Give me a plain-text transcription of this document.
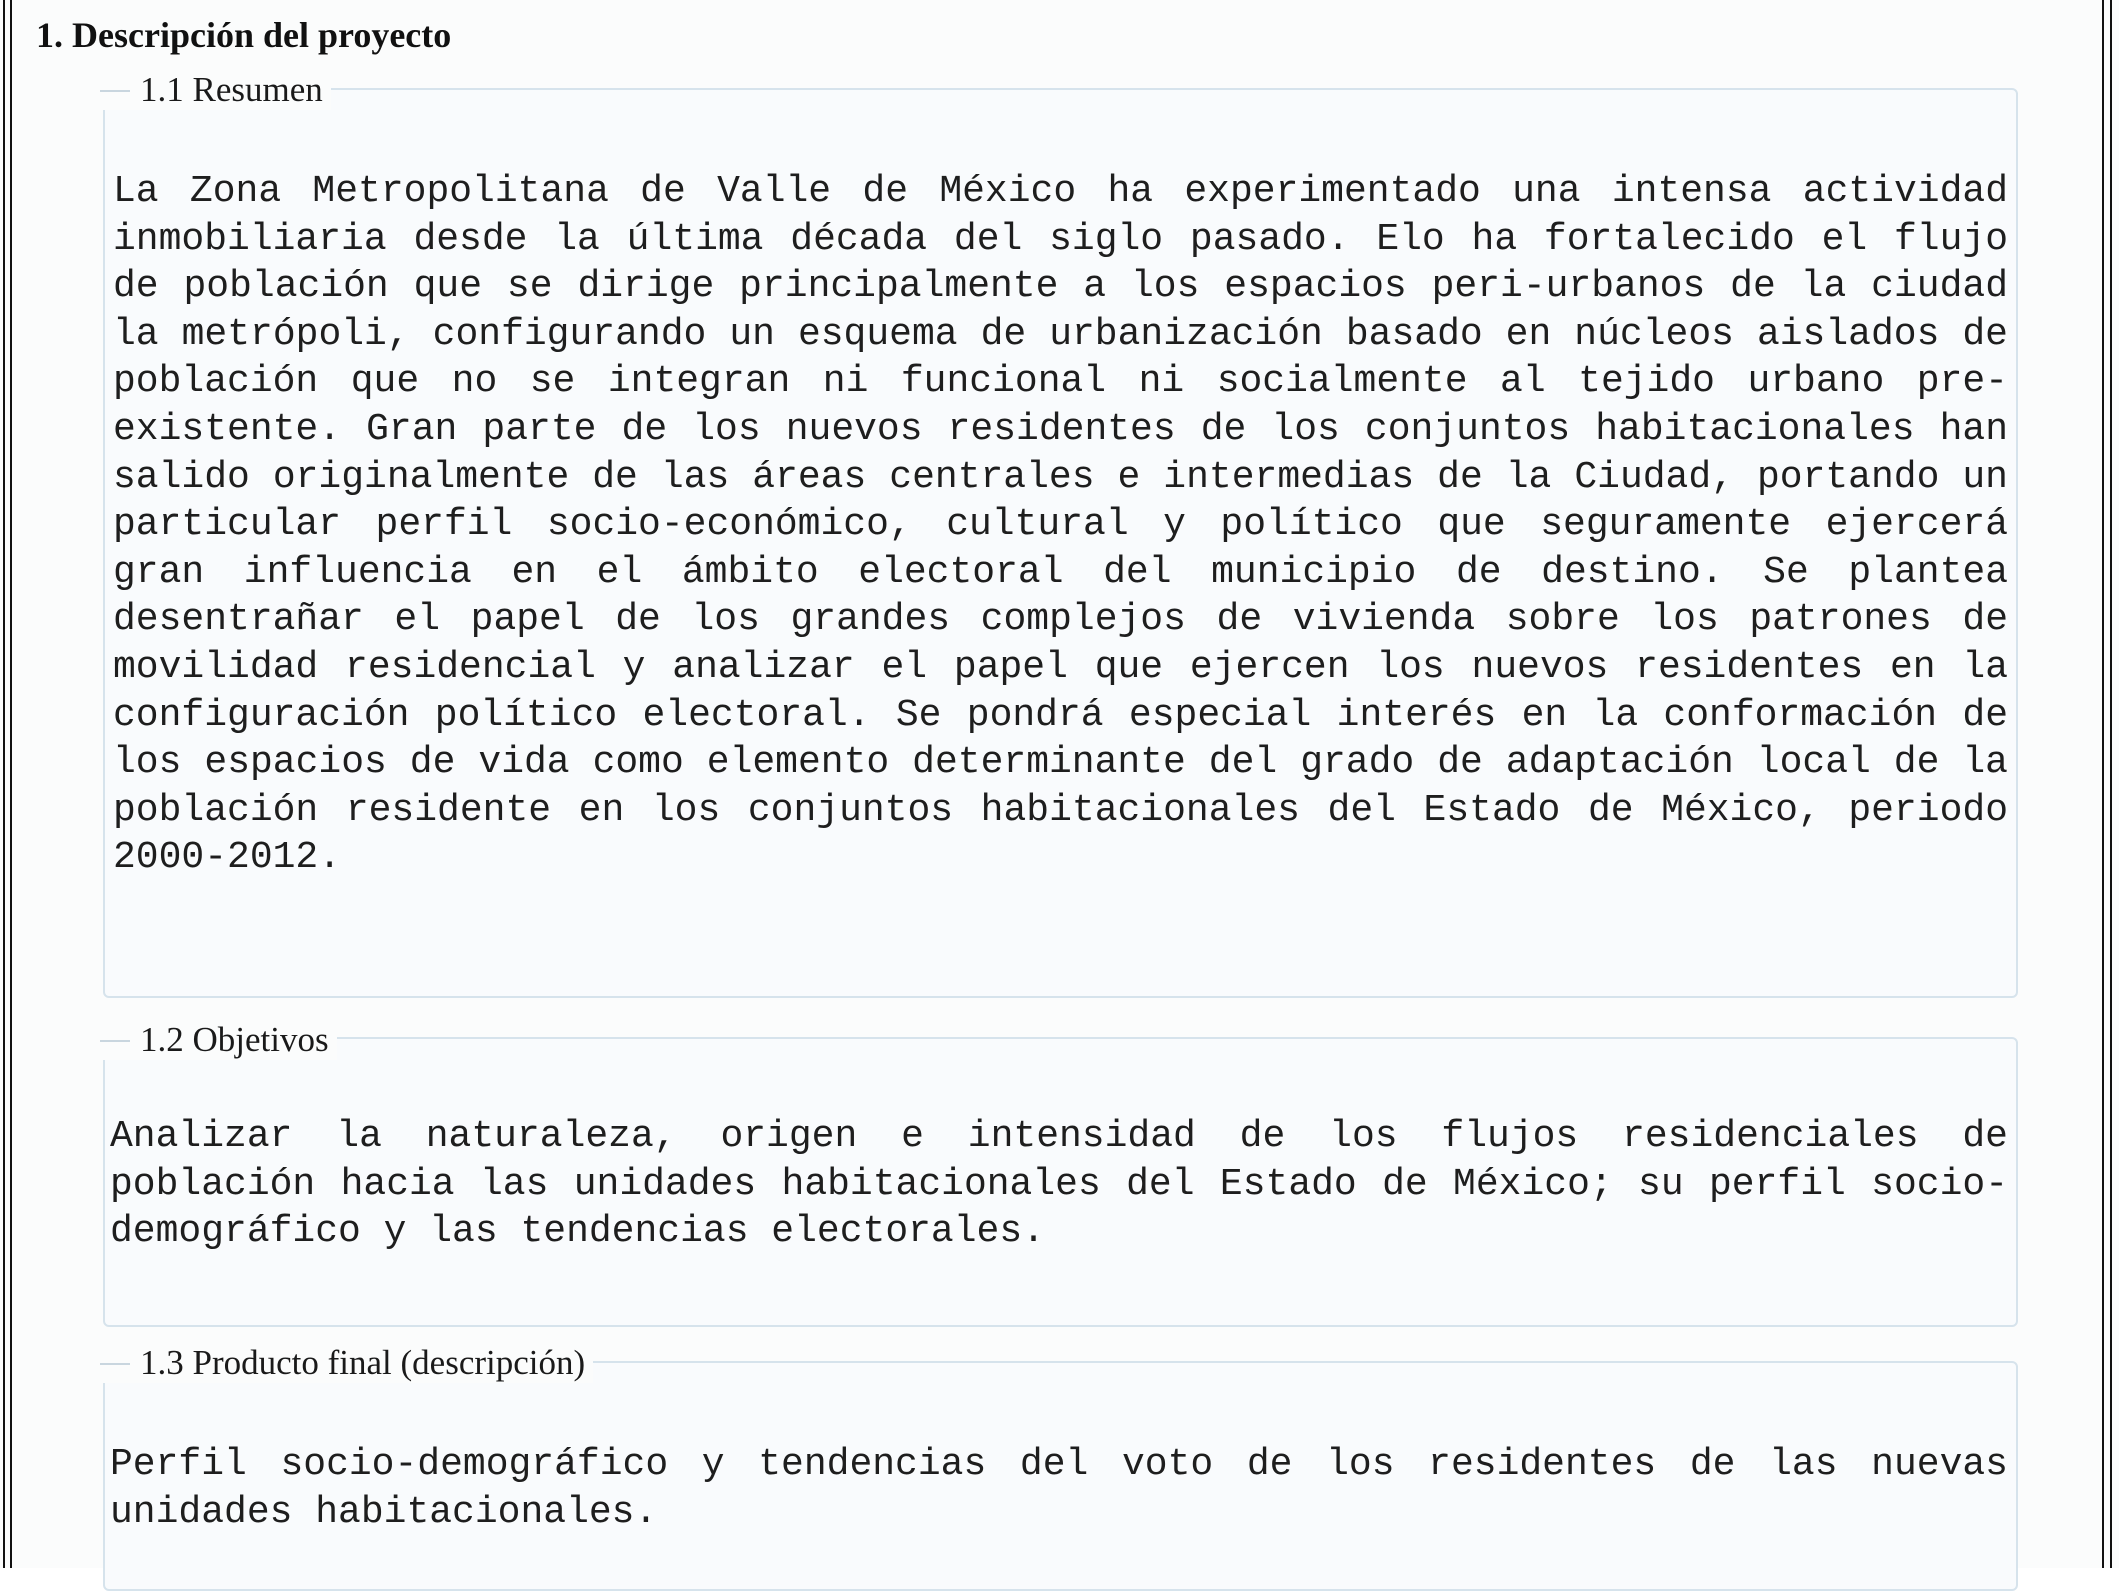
1. Descripción del proyecto
1.1 Resumen

La Zona Metropolitana de Valle de México ha experimentado una intensa actividad inmobiliaria desde la última década del siglo pasado. Elo ha fortalecido el flujo de población que se dirige principalmente a los espacios peri-urbanos de la ciudad la metrópoli, configurando un esquema de urbanización basado en núcleos aislados de población que no se integran ni funcional ni socialmente al tejido urbano pre-existente. Gran parte de los nuevos residentes de los conjuntos habitacionales han salido originalmente de las áreas centrales e intermedias de la Ciudad, portando un particular perfil socio-económico, cultural y político que seguramente ejercerá gran influencia en el ámbito electoral del municipio de destino. Se plantea desentrañar el papel de los grandes complejos de vivienda sobre los patrones de movilidad residencial y analizar el papel que ejercen los nuevos residentes en la configuración político electoral. Se pondrá especial interés en la conformación de los espacios de vida como elemento determinante del grado de adaptación local de la población residente en los conjuntos habitacionales del Estado de México, periodo 2000-2012.

1.2 Objetivos

Analizar la naturaleza, origen e intensidad de los flujos residenciales de población hacia las unidades habitacionales del Estado de México; su perfil socio-demográfico y las tendencias electorales.

1.3 Producto final (descripción)

Perfil socio-demográfico y tendencias del voto de los residentes de las nuevas unidades habitacionales.
